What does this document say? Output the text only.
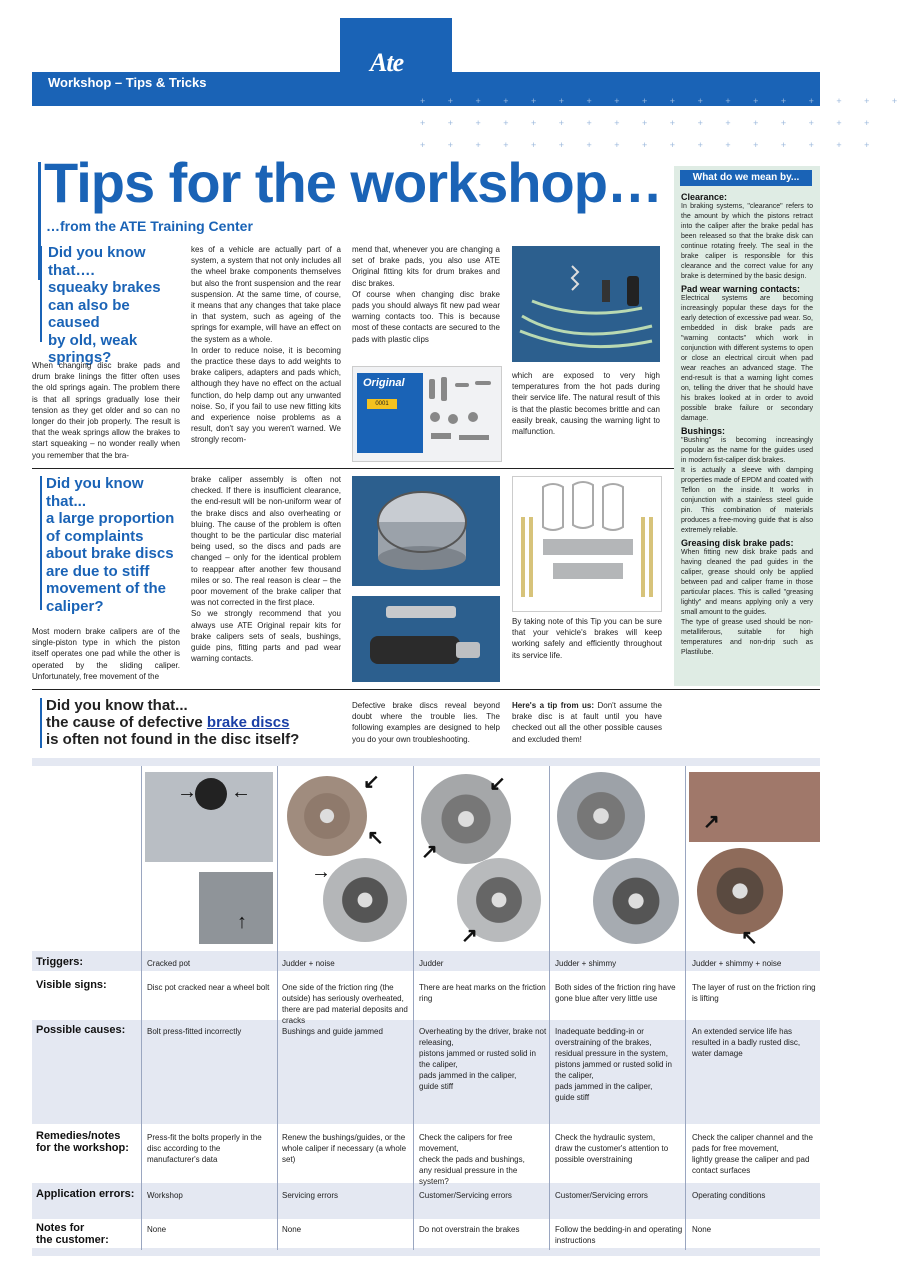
Workshop – Tips & Tricks
Ate
+ + + + + + + + + + + + + + + + + +
+ + + + + + + + + + + + + + + + +
+ + + + + + + + + + + + + + + + +
Tips for the workshop…
…from the ATE Training Center
Did you know
that….
squeaky brakes
can also be caused
by old, weak
springs?
When changing disc brake pads and drum brake linings the fitter often uses the old springs again. The problem there is that all springs gradually lose their tension as they get older and so can no longer do their job properly. The result is that the weak springs allow the brakes to start squeaking – no wonder really when you remember that the bra-
kes of a vehicle are actually part of a system, a system that not only includes all the wheel brake components themselves but also the front suspension and the rear suspension. At the same time, of course, it means that any changes that take place in that system, such as ageing of the springs for example, will have an effect on the system as a whole.
In order to reduce noise, it is becoming the practice these days to add weights to brake calipers, adapters and pads which, although they have no effect on the actual function, do help damp out any unwanted noise. So, if you fail to use new fitting kits and experience noise problems as a result, don't say you weren't warned. We strongly recom-
mend that, whenever you are changing a set of brake pads, you also use ATE Original fitting kits for drum brakes and disc brakes.
Of course when changing disc brake pads you should always fit new pad wear warning contacts too. This is because most of these contacts are secured to the pads with plastic clips
which are exposed to very high temperatures from the hot pads during their service life. The natural result of this is that the plastic becomes brittle and can easily break, causing the warning light to malfunction.
Original
0001
Did you know
that...
a large proportion
of complaints
about brake discs
are due to stiff
movement of the
caliper?
Most modern brake calipers are of the single-piston type in which the piston itself operates one pad while the other is operated by the sliding caliper. Unfortunately, free movement of the
brake caliper assembly is often not checked. If there is insufficient clearance, the end-result will be non-uniform wear of the brake discs and also overheating or bluing. The cause of the problem is often thought to be the particular disc material being used, so the discs and pads are changed – only for the identical problem to reappear after another few thousand miles or so. The real reason is clear – the poor movement of the brake caliper that was not corrected in the first place.
So we strongly recommend that you always use ATE Original repair kits for brake calipers sets of seals, bushings, guide pins, fitting parts and pad wear warning contacts.
By taking note of this Tip you can be sure that your vehicle's brakes will keep working safely and efficiently throughout its service life.
What do we mean by...
Clearance:
In braking systems, "clearance" refers to the amount by which the pistons retract into the caliper after the brake pedal has been released so that the brake disk can continue rotating freely. The seal in the brake caliper is responsible for this clearance and the correct value for any brake is determined by the basic design.
Pad wear warning contacts:
Electrical systems are becoming increasingly popular these days for the early detection of excessive pad wear. So, embedded in disk brake pads are "warning contacts" which work in conjunction with different systems to open or close an electrical circuit when pad wear reaches an advanced stage. The end-result is that a warning light comes on, telling the driver that he should have his brakes looked at in order to avoid possible brake failure or secondary damage.
Bushings:
"Bushing" is becoming increasingly popular as the name for the guides used in modern fist-caliper disk brakes.
It is actually a sleeve with damping properties made of EPDM and coated with Teflon on the inside. It works in conjunction with a stainless steel guide pin. This combination of materials produces a free-moving guide that is also extremely reliable.
Greasing disk brake pads:
When fitting new disk brake pads and having cleaned the pad guides in the caliper, grease should only be applied between pad and caliper frame in those particular places. This is called "greasing lightly" and means applying only a very small amount to the guides.
The type of grease used should be non-metalliferous, suitable for high temperatures and non-drip such as Plastilube.
Did you know that...
the cause of defective brake discs
is often not found in the disc itself?
Defective brake discs reveal beyond doubt where the trouble lies. The following examples are designed to help you do your own troubleshooting.
Here's a tip from us: Don't assume the brake disc is at fault until you have checked out all the other possible causes and excluded them!
→ ←
↑
↙
↖
→
↙
↗
↗
↗
↖
Triggers:
Visible signs:
Possible causes:
Remedies/notes
for the workshop:
Application errors:
Notes for
the customer:
Cracked pot
Disc pot cracked near a wheel bolt
Bolt press-fitted incorrectly
Press-fit the bolts properly in the disc according to the manufacturer's data
Workshop
None
Judder + noise
One side of the friction ring (the outside) has seriously overheated, there are pad material deposits and cracks
Bushings and guide jammed
Renew the bushings/guides, or the whole caliper if necessary (a whole set)
Servicing errors
None
Judder
There are heat marks on the friction ring
Overheating by the driver, brake not releasing,
pistons jammed or rusted solid in the caliper,
pads jammed in the caliper,
guide stiff
Check the calipers for free movement,
check the pads and bushings,
any residual pressure in the system?
Customer/Servicing errors
Do not overstrain the brakes
Judder + shimmy
Both sides of the friction ring have gone blue after very little use
Inadequate bedding-in or overstraining of the brakes,
residual pressure in the system,
pistons jammed or rusted solid in the caliper,
pads jammed in the caliper,
guide stiff
Check the hydraulic system,
draw the customer's attention to possible overstraining
Customer/Servicing errors
Follow the bedding-in and operating instructions
Judder + shimmy + noise
The layer of rust on the friction ring is lifting
An extended service life has resulted in a badly rusted disc, water damage
Check the caliper channel and the pads for free movement,
lightly grease the caliper and pad contact surfaces
Operating conditions
None
